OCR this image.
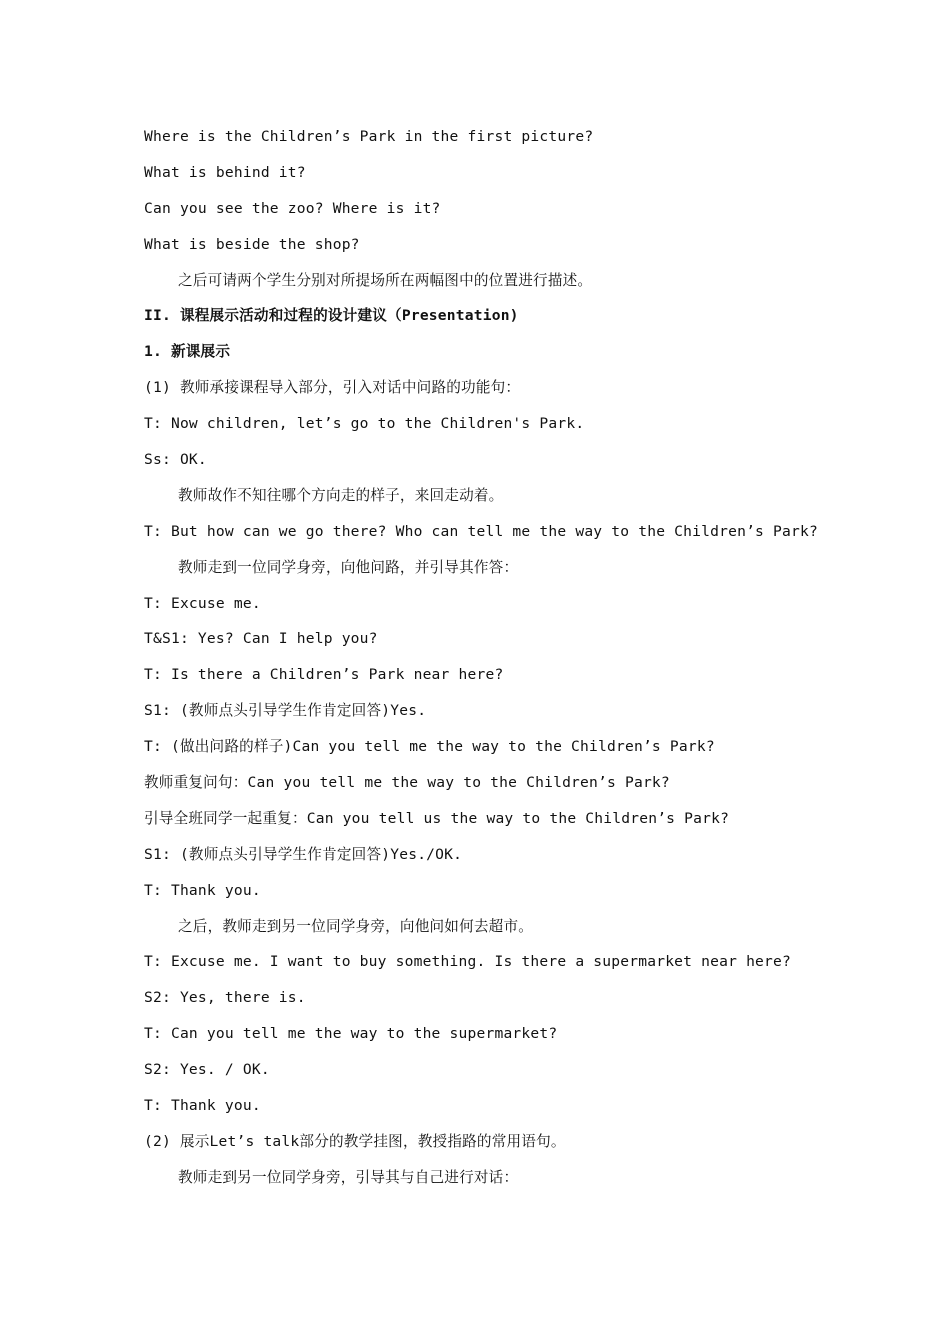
Where is the Children’s Park in the first picture?
What is behind it?
Can you see the zoo? Where is it?
What is beside the shop?
之后可请两个学生分别对所提场所在两幅图中的位置进行描述。
II. 课程展示活动和过程的设计建议（Presentation)
1. 新课展示
(1) 教师承接课程导入部分，引入对话中问路的功能句：
T: Now children, let’s go to the Children's Park.
Ss: OK.
教师故作不知往哪个方向走的样子，来回走动着。
T: But how can we go there? Who can tell me the way to the Children’s Park?
教师走到一位同学身旁，向他问路，并引导其作答：
T: Excuse me.
T&S1: Yes? Can I help you?
T: Is there a Children’s Park near here?
S1: (教师点头引导学生作肯定回答)Yes.
T: (做出问路的样子)Can you tell me the way to the Children’s Park?
教师重复问句：Can you tell me the way to the Children’s Park?
引导全班同学一起重复：Can you tell us the way to the Children’s Park?
S1: (教师点头引导学生作肯定回答)Yes./OK.
T: Thank you.
之后，教师走到另一位同学身旁，向他问如何去超市。
T: Excuse me. I want to buy something. Is there a supermarket near here?
S2: Yes, there is.
T: Can you tell me the way to the supermarket?
S2: Yes. / OK.
T: Thank you.
(2) 展示Let’s talk部分的教学挂图，教授指路的常用语句。
教师走到另一位同学身旁，引导其与自己进行对话：
